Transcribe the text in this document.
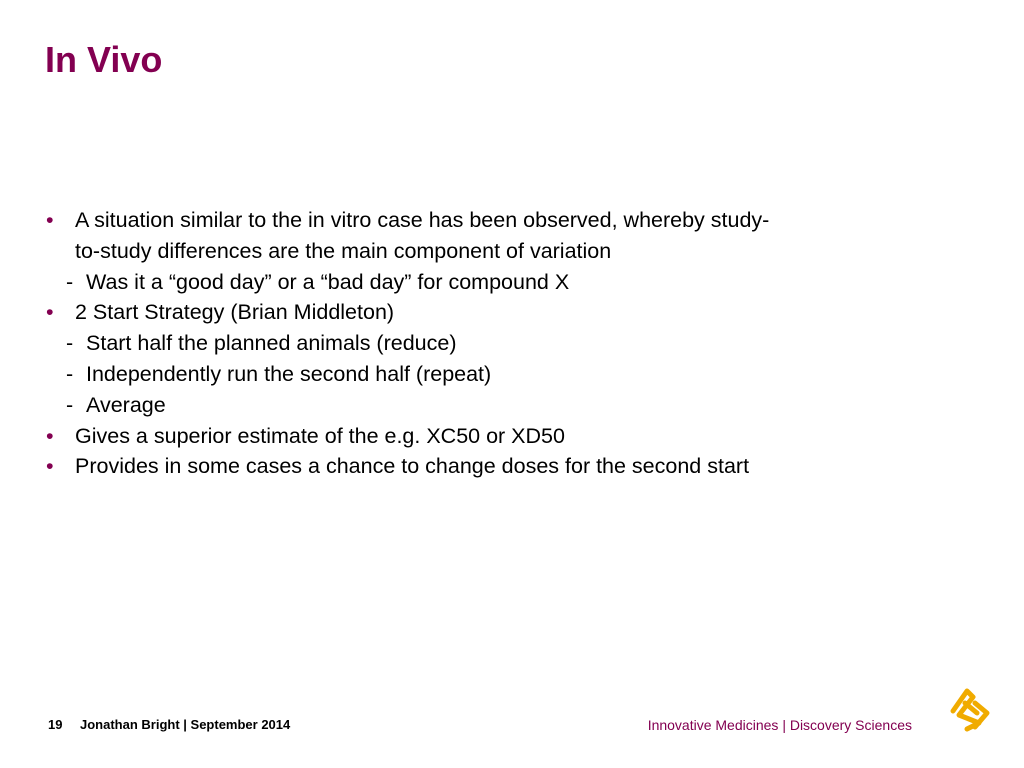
In Vivo
• A situation similar to the in vitro case has been observed, whereby study-to-study differences are the main component of variation
- Was it a “good day” or a “bad day” for compound X
• 2 Start Strategy (Brian Middleton)
- Start half the planned animals (reduce)
- Independently run the second half (repeat)
- Average
• Gives a superior estimate of the e.g. XC50 or XD50
• Provides in some cases a chance to change doses for the second start
19 Jonathan Bright | September 2014	Innovative Medicines | Discovery Sciences
